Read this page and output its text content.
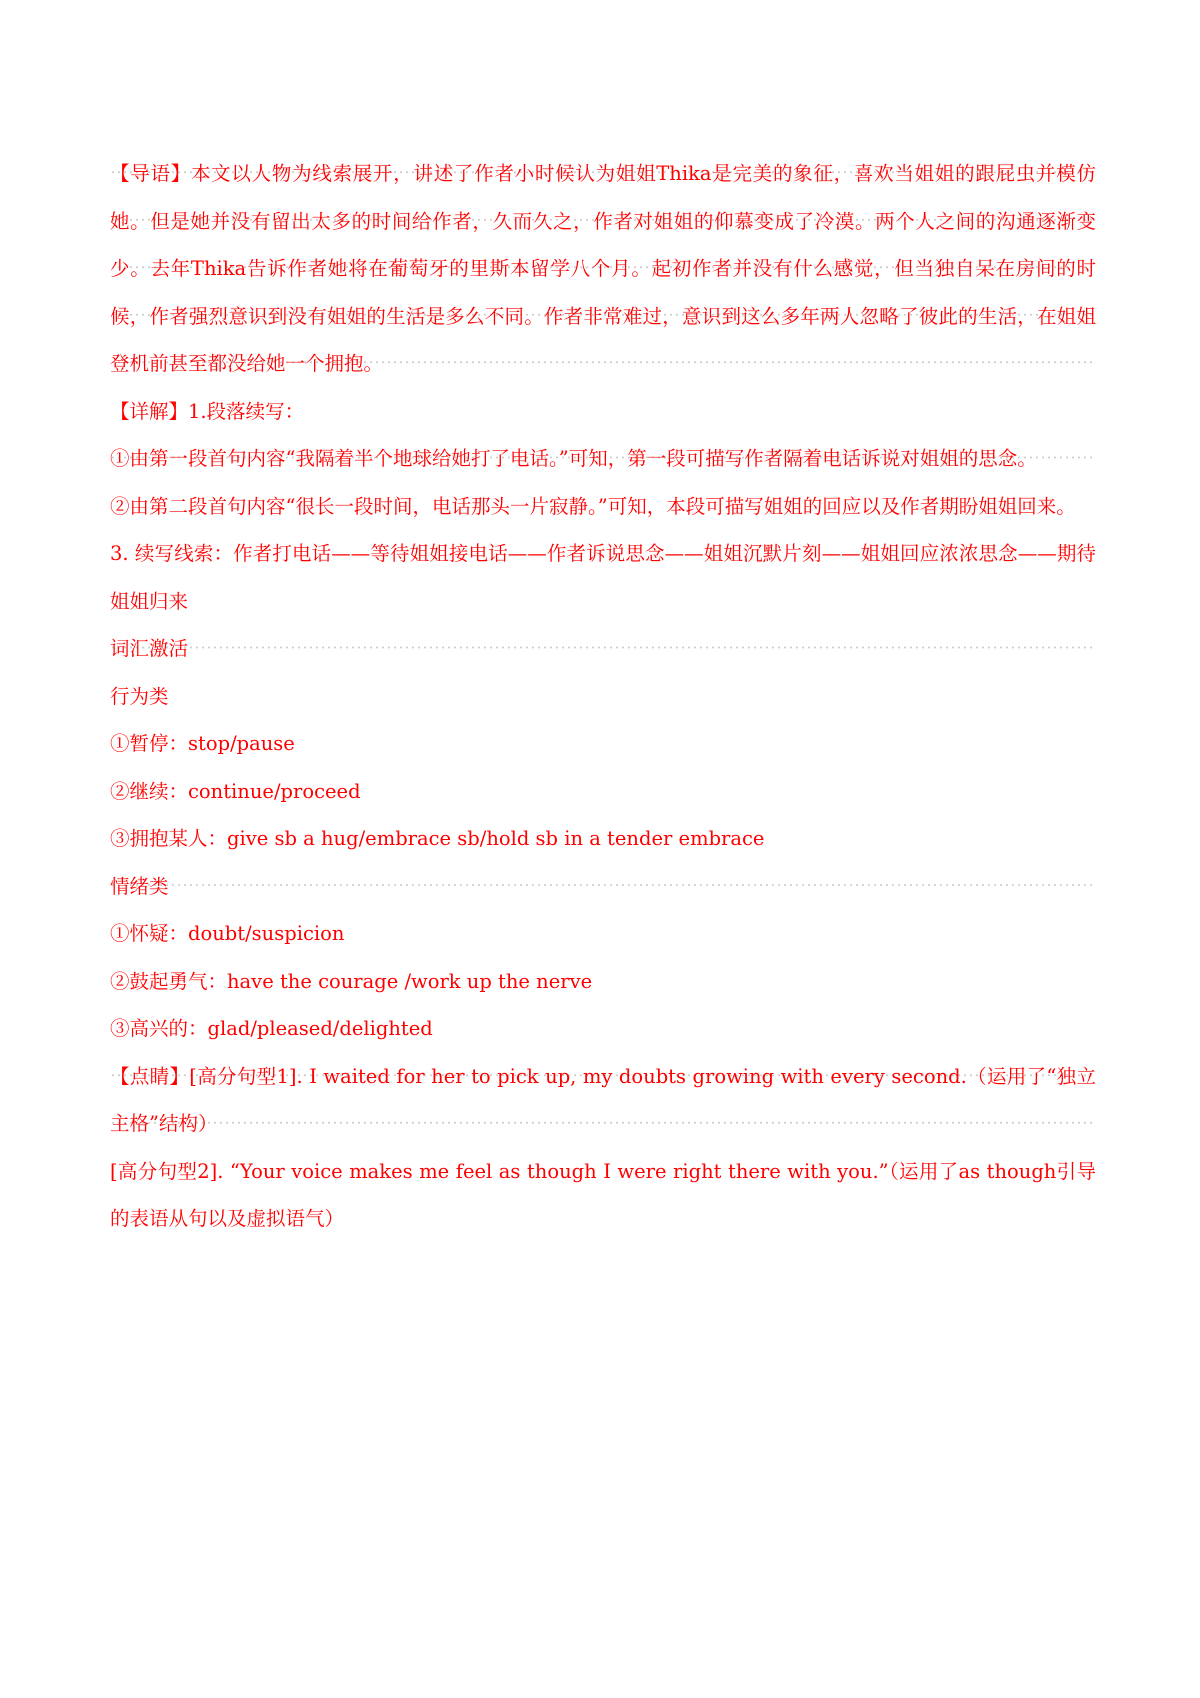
【导语】本文以人物为线索展开，讲述了作者小时候认为姐姐Thika是完美的象征，喜欢当姐姐的跟屁虫并模仿她。但是她并没有留出太多的时间给作者，久而久之，作者对姐姐的仰慕变成了冷漠。两个人之间的沟通逐渐变少。去年Thika告诉作者她将在葡萄牙的里斯本留学八个月。起初作者并没有什么感觉，但当独自呆在房间的时候，作者强烈意识到没有姐姐的生活是多么不同。作者非常难过，意识到这么多年两人忽略了彼此的生活，在姐姐登机前甚至都没给她一个拥抱。

【详解】1.段落续写：

①由第一段首句内容“我隔着半个地球给她打了电话。”可知，第一段可描写作者隔着电话诉说对姐姐的思念。

②由第二段首句内容“很长一段时间，电话那头一片寂静。”可知，本段可描写姐姐的回应以及作者期盼姐姐回来。

3. 续写线索：作者打电话——等待姐姐接电话——作者诉说思念——姐姐沉默片刻——姐姐回应浓浓思念——期待姐姐归来

词汇激活

行为类

①暂停：stop/pause

②继续：continue/proceed

③拥抱某人：give sb a hug/embrace sb/hold sb in a tender embrace

情绪类

①怀疑：doubt/suspicion

②鼓起勇气：have the courage /work up the nerve

③高兴的：glad/pleased/delighted

【点睛】[高分句型1]. I waited for her to pick up, my doubts growing with every second.（运用了“独立主格”结构）

[高分句型2]. “Your voice makes me feel as though I were right there with you.”（运用了as though引导的表语从句以及虚拟语气）
